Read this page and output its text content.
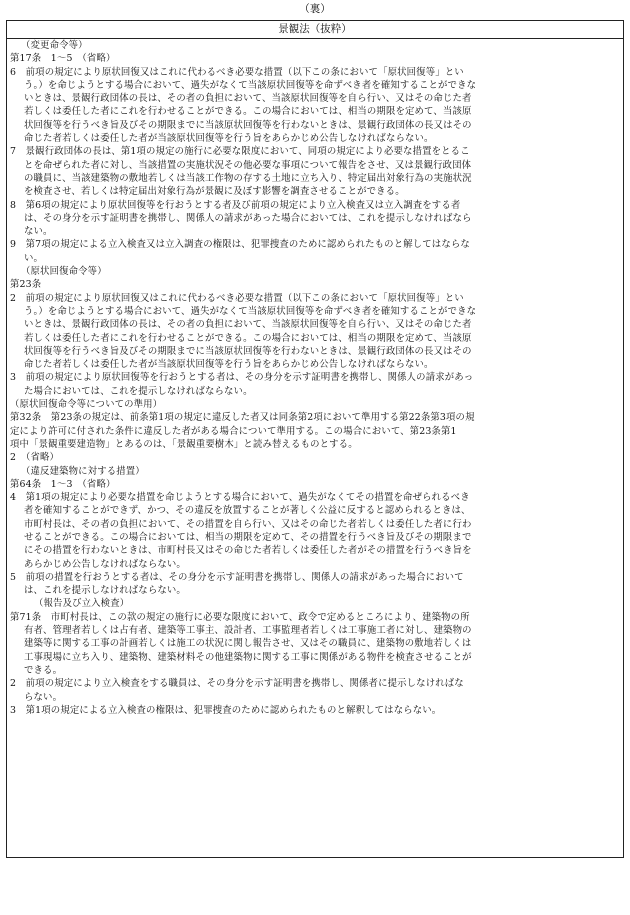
（裏）
景観法（抜粋）
（変更命令等）
第17条　1〜5　（省略）
6　前項の規定により原状回復又はこれに代わるべき必要な措置（以下この条において「原状回復等」とい
う。）を命じようとする場合において、過失がなくて当該原状回復等を命ずべき者を確知することができな
いときは、景観行政団体の長は、その者の負担において、当該原状回復等を自ら行い、又はその命じた者
若しくは委任した者にこれを行わせることができる。この場合においては、相当の期限を定めて、当該原
状回復等を行うべき旨及びその期限までに当該原状回復等を行わないときは、景観行政団体の長又はその
命じた者若しくは委任した者が当該原状回復等を行う旨をあらかじめ公告しなければならない。
7　景観行政団体の長は、第1項の規定の施行に必要な限度において、同項の規定により必要な措置をとるこ
とを命ぜられた者に対し、当該措置の実施状況その他必要な事項について報告をさせ、又は景観行政団体
の職員に、当該建築物の敷地若しくは当該工作物の存する土地に立ち入り、特定届出対象行為の実施状況
を検査させ、若しくは特定届出対象行為が景観に及ぼす影響を調査させることができる。
8　第6項の規定により原状回復等を行おうとする者及び前項の規定により立入検査又は立入調査をする者
は、その身分を示す証明書を携帯し、関係人の請求があった場合においては、これを提示しなければなら
ない。
9　第7項の規定による立入検査又は立入調査の権限は、犯罪捜査のために認められたものと解してはならな
い。
（原状回復命令等）
第23条
2　前項の規定により原状回復又はこれに代わるべき必要な措置（以下この条において「原状回復等」とい
う。）を命じようとする場合において、過失がなくて当該原状回復等を命ずべき者を確知することができな
いときは、景観行政団体の長は、その者の負担において、当該原状回復等を自ら行い、又はその命じた者
若しくは委任した者にこれを行わせることができる。この場合においては、相当の期限を定めて、当該原
状回復等を行うべき旨及びその期限までに当該原状回復等を行わないときは、景観行政団体の長又はその
命じた者若しくは委任した者が当該原状回復等を行う旨をあらかじめ公告しなければならない。
3　前項の規定により原状回復等を行おうとする者は、その身分を示す証明書を携帯し、関係人の請求があっ
た場合においては、これを提示しなければならない。
（原状回復命令等についての準用）
第32条　第23条の規定は、前条第1項の規定に違反した者又は同条第2項において準用する第22条第3項の規
定により許可に付された条件に違反した者がある場合について準用する。この場合において、第23条第1
項中「景観重要建造物」とあるのは、「景観重要樹木」と読み替えるものとする。
2　（省略）
（違反建築物に対する措置）
第64条　1〜3　（省略）
4　第1項の規定により必要な措置を命じようとする場合において、過失がなくてその措置を命ぜられるべき
者を確知することができず、かつ、その違反を放置することが著しく公益に反すると認められるときは、
市町村長は、その者の負担において、その措置を自ら行い、又はその命じた者若しくは委任した者に行わ
せることができる。この場合においては、相当の期限を定めて、その措置を行うべき旨及びその期限まで
にその措置を行わないときは、市町村長又はその命じた者若しくは委任した者がその措置を行うべき旨を
あらかじめ公告しなければならない。
5　前項の措置を行おうとする者は、その身分を示す証明書を携帯し、関係人の請求があった場合において
は、これを提示しなければならない。
（報告及び立入検査）
第71条　市町村長は、この款の規定の施行に必要な限度において、政令で定めるところにより、建築物の所
有者、管理者若しくは占有者、建築等工事主、設計者、工事監理者若しくは工事施工者に対し、建築物の
建築等に関する工事の計画若しくは施工の状況に関し報告させ、又はその職員に、建築物の敷地若しくは
工事現場に立ち入り、建築物、建築材料その他建築物に関する工事に関係がある物件を検査させることが
できる。
2　前項の規定により立入検査をする職員は、その身分を示す証明書を携帯し、関係者に提示しなければな
らない。
3　第1項の規定による立入検査の権限は、犯罪捜査のために認められたものと解釈してはならない。
